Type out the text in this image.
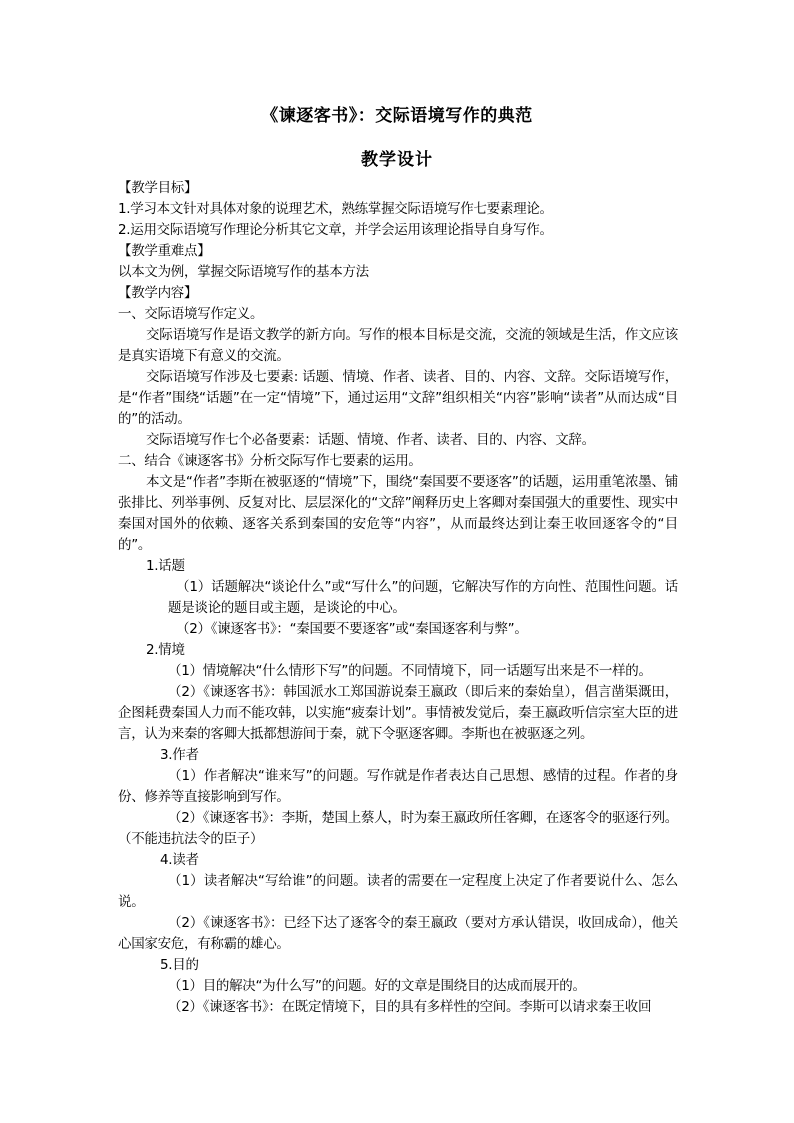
《谏逐客书》：交际语境写作的典范
教学设计

【教学目标】

1.学习本文针对具体对象的说理艺术，熟练掌握交际语境写作七要素理论。

2.运用交际语境写作理论分析其它文章，并学会运用该理论指导自身写作。

【教学重难点】

以本文为例，掌握交际语境写作的基本方法

【教学内容】

一、交际语境写作定义。

交际语境写作是语文教学的新方向。写作的根本目标是交流，交流的领域是生活，作文应该是真实语境下有意义的交流。

交际语境写作涉及七要素: 话题、情境、作者、读者、目的、内容、文辞。交际语境写作，是“作者”围绕“话题”在一定“情境”下，通过运用“文辞”组织相关“内容”影响“读者”从而达成“目的”的活动。

交际语境写作七个必备要素：话题、情境、作者、读者、目的、内容、文辞。

二、结合《谏逐客书》分析交际写作七要素的运用。

本文是“作者”李斯在被驱逐的“情境”下，围绕“秦国要不要逐客”的话题，运用重笔浓墨、铺张排比、列举事例、反复对比、层层深化的“文辞”阐释历史上客卿对秦国强大的重要性、现实中秦国对国外的依赖、逐客关系到秦国的安危等“内容”，从而最终达到让秦王收回逐客令的“目的”。

1.话题

（1）话题解决“谈论什么”或“写什么”的问题，它解决写作的方向性、范围性问题。话题是谈论的题目或主题，是谈论的中心。

（2）《谏逐客书》：“秦国要不要逐客”或“秦国逐客利与弊”。

2.情境

（1）情境解决“什么情形下写”的问题。不同情境下，同一话题写出来是不一样的。

（2）《谏逐客书》：韩国派水工郑国游说秦王嬴政（即后来的秦始皇），倡言凿渠溉田，企图耗费秦国人力而不能攻韩，以实施“疲秦计划”。事情被发觉后，秦王嬴政听信宗室大臣的进言，认为来秦的客卿大抵都想游间于秦，就下令驱逐客卿。李斯也在被驱逐之列。

3.作者

（1）作者解决“谁来写”的问题。写作就是作者表达自己思想、感情的过程。作者的身份、修养等直接影响到写作。

（2）《谏逐客书》：李斯，楚国上蔡人，时为秦王嬴政所任客卿，在逐客令的驱逐行列。（不能违抗法令的臣子）

4.读者

（1）读者解决“写给谁”的问题。读者的需要在一定程度上决定了作者要说什么、怎么说。

（2）《谏逐客书》：已经下达了逐客令的秦王嬴政（要对方承认错误，收回成命），他关心国家安危，有称霸的雄心。

5.目的

（1）目的解决“为什么写”的问题。好的文章是围绕目的达成而展开的。

（2）《谏逐客书》：在既定情境下，目的具有多样性的空间。李斯可以请求秦王收回
